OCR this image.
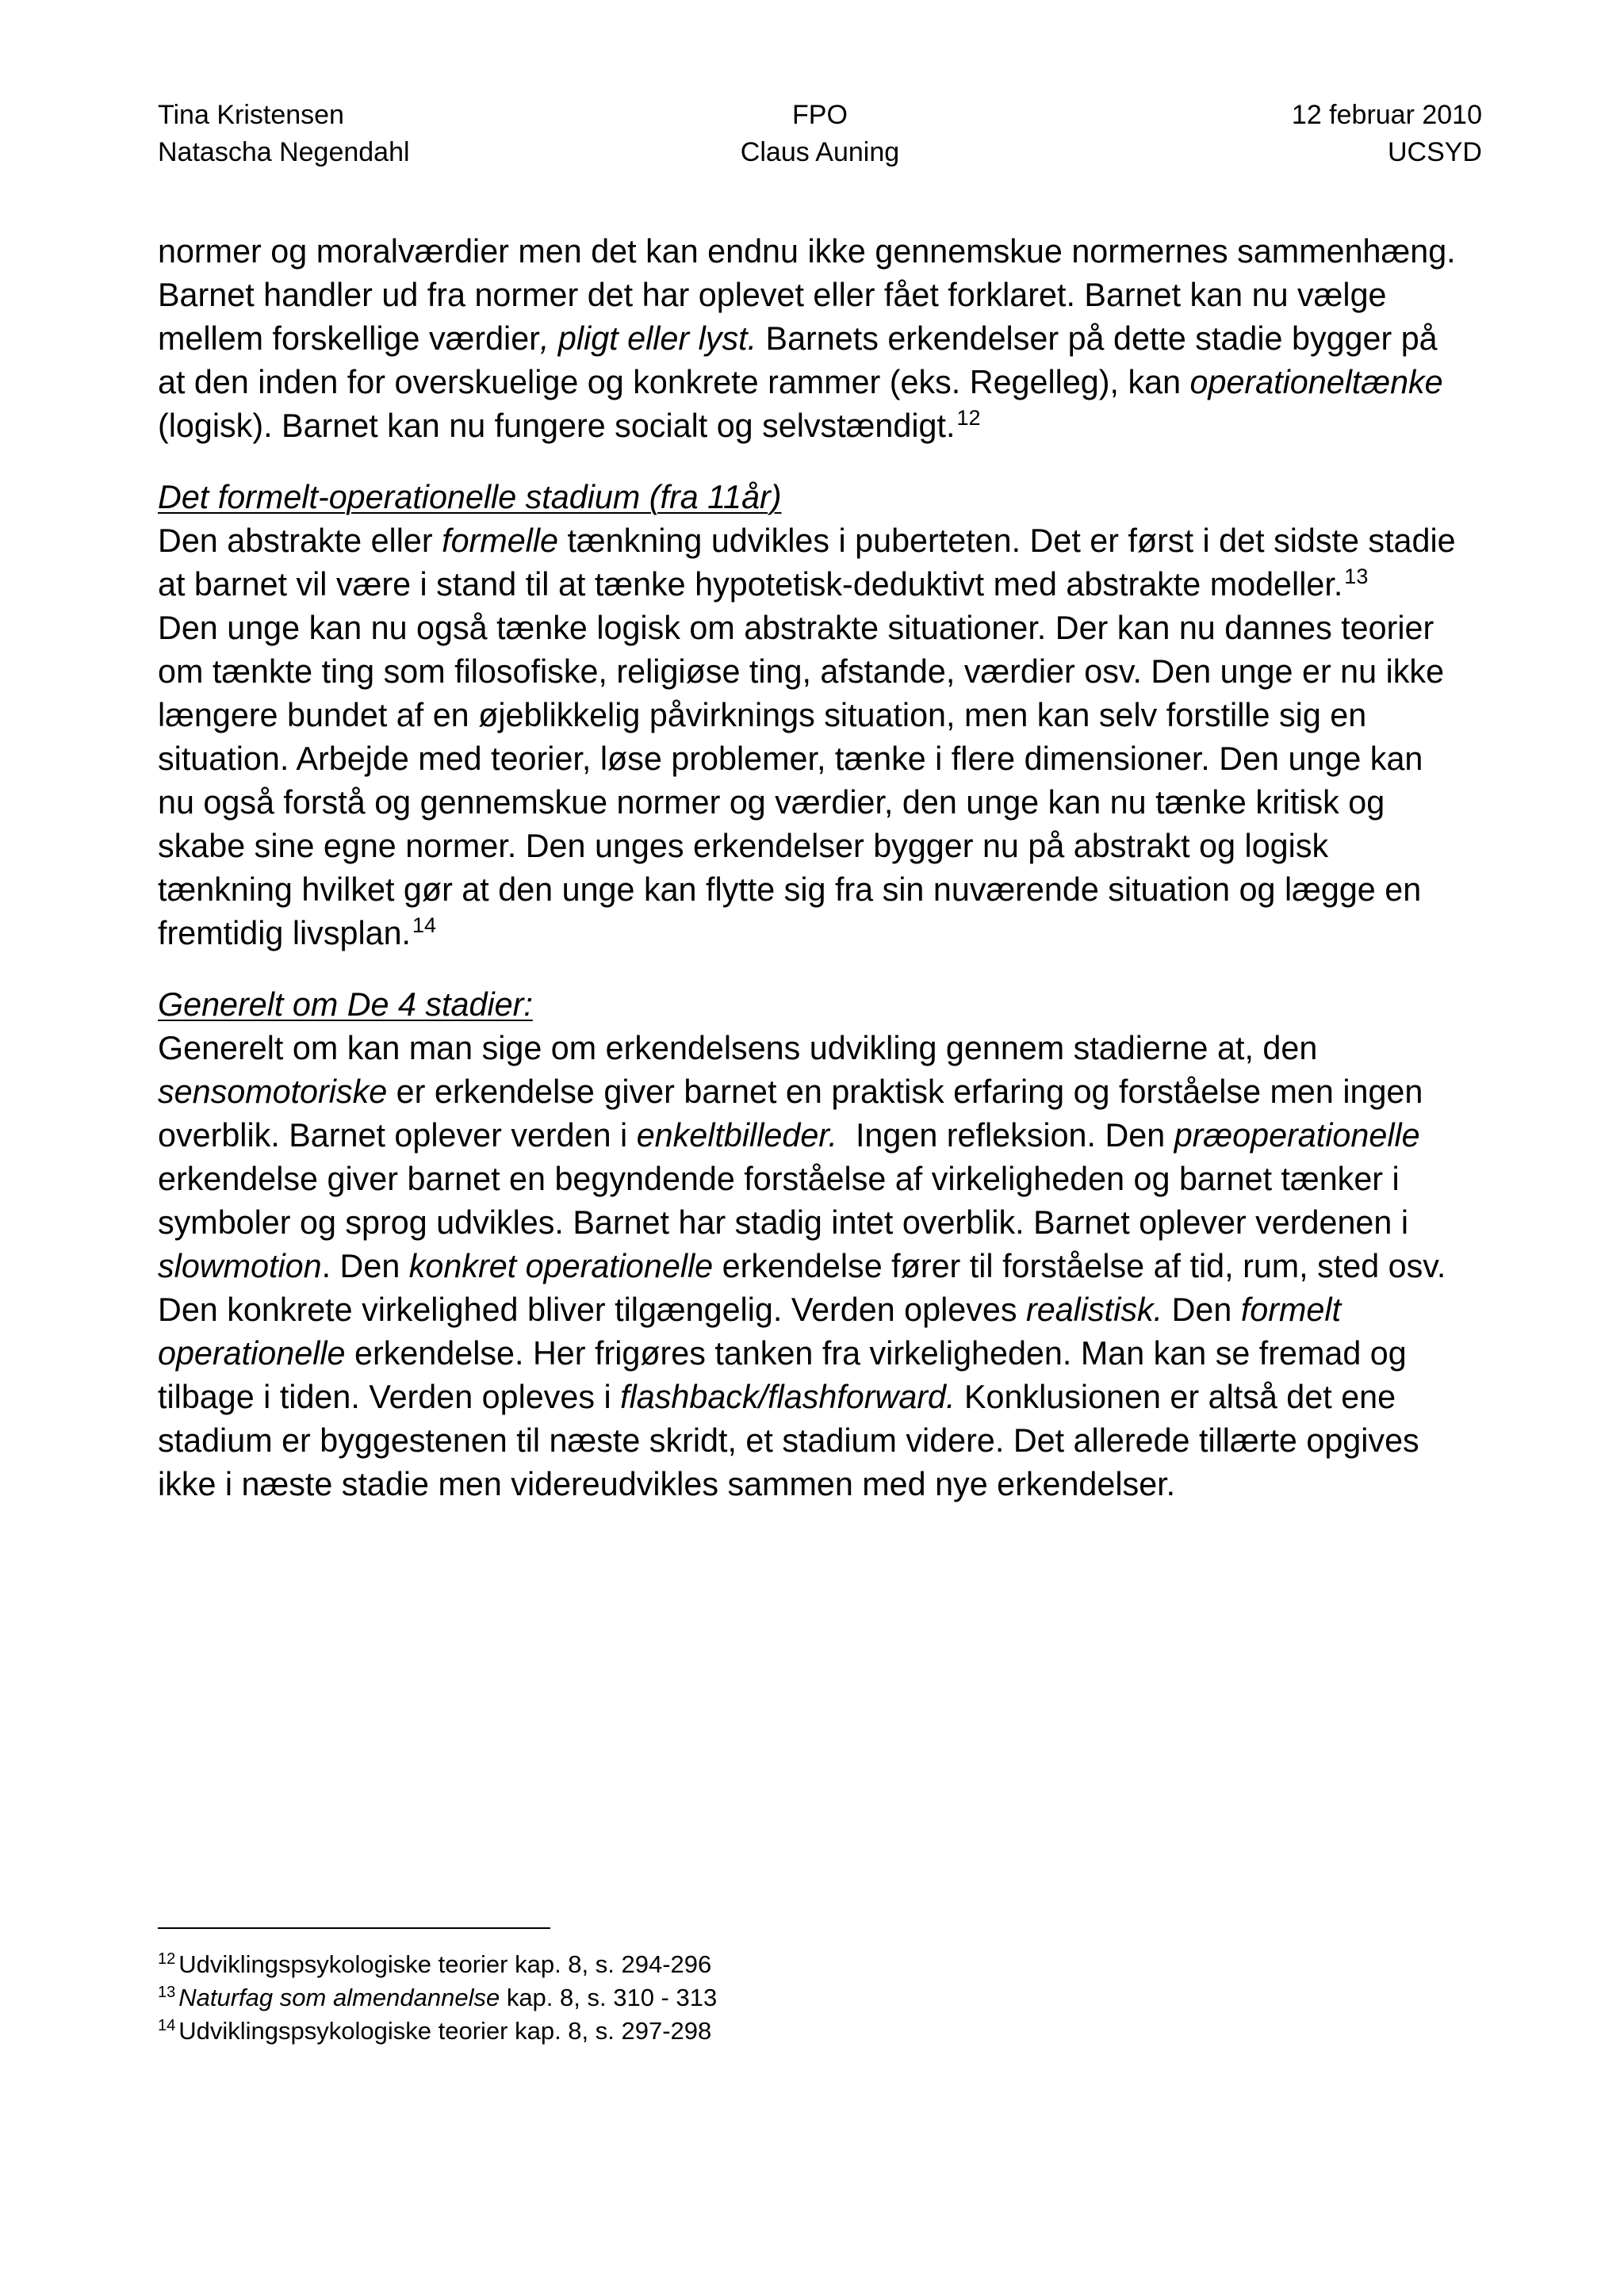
Tina Kristensen
Natascha Negendahl
FPO
Claus Auning
12 februar 2010
UCSYD
normer og moralværdier men det kan endnu ikke gennemskue normernes sammenhæng.
Barnet handler ud fra normer det har oplevet eller fået forklaret. Barnet kan nu vælge
mellem forskellige værdier, pligt eller lyst. Barnets erkendelser på dette stadie bygger på
at den inden for overskuelige og konkrete rammer (eks. Regelleg), kan operationeltænke
(logisk). Barnet kan nu fungere socialt og selvstændigt.$^{12}$
Det formelt-operationelle stadium (fra 11år)
Den abstrakte eller formelle tænkning udvikles i puberteten. Det er først i det sidste stadie
at barnet vil være i stand til at tænke hypotetisk-deduktivt med abstrakte modeller.$^{13}$
Den unge kan nu også tænke logisk om abstrakte situationer. Der kan nu dannes teorier
om tænkte ting som filosofiske, religiøse ting, afstande, værdier osv. Den unge er nu ikke
længere bundet af en øjeblikkelig påvirknings situation, men kan selv forstille sig en
situation. Arbejde med teorier, løse problemer, tænke i flere dimensioner. Den unge kan
nu også forstå og gennemskue normer og værdier, den unge kan nu tænke kritisk og
skabe sine egne normer. Den unges erkendelser bygger nu på abstrakt og logisk
tænkning hvilket gør at den unge kan flytte sig fra sin nuværende situation og lægge en
fremtidig livsplan.$^{14}$
Generelt om De 4 stadier:
Generelt om kan man sige om erkendelsens udvikling gennem stadierne at, den
sensomotoriske er erkendelse giver barnet en praktisk erfaring og forståelse men ingen
overblik. Barnet oplever verden i enkeltbilleder.  Ingen refleksion. Den præoperationelle
erkendelse giver barnet en begyndende forståelse af virkeligheden og barnet tænker i
symboler og sprog udvikles. Barnet har stadig intet overblik. Barnet oplever verdenen i
slowmotion. Den konkret operationelle erkendelse fører til forståelse af tid, rum, sted osv.
Den konkrete virkelighed bliver tilgængelig. Verden opleves realistisk. Den formelt
operationelle erkendelse. Her frigøres tanken fra virkeligheden. Man kan se fremad og
tilbage i tiden. Verden opleves i flashback/flashforward. Konklusionen er altså det ene
stadium er byggestenen til næste skridt, et stadium videre. Det allerede tillærte opgives
ikke i næste stadie men videreudvikles sammen med nye erkendelser.
$^{12}$ Udviklingspsykologiske teorier kap. 8, s. 294-296
$^{13}$ Naturfag som almendannelse kap. 8, s. 310 - 313
$^{14}$ Udviklingspsykologiske teorier kap. 8, s. 297-298
